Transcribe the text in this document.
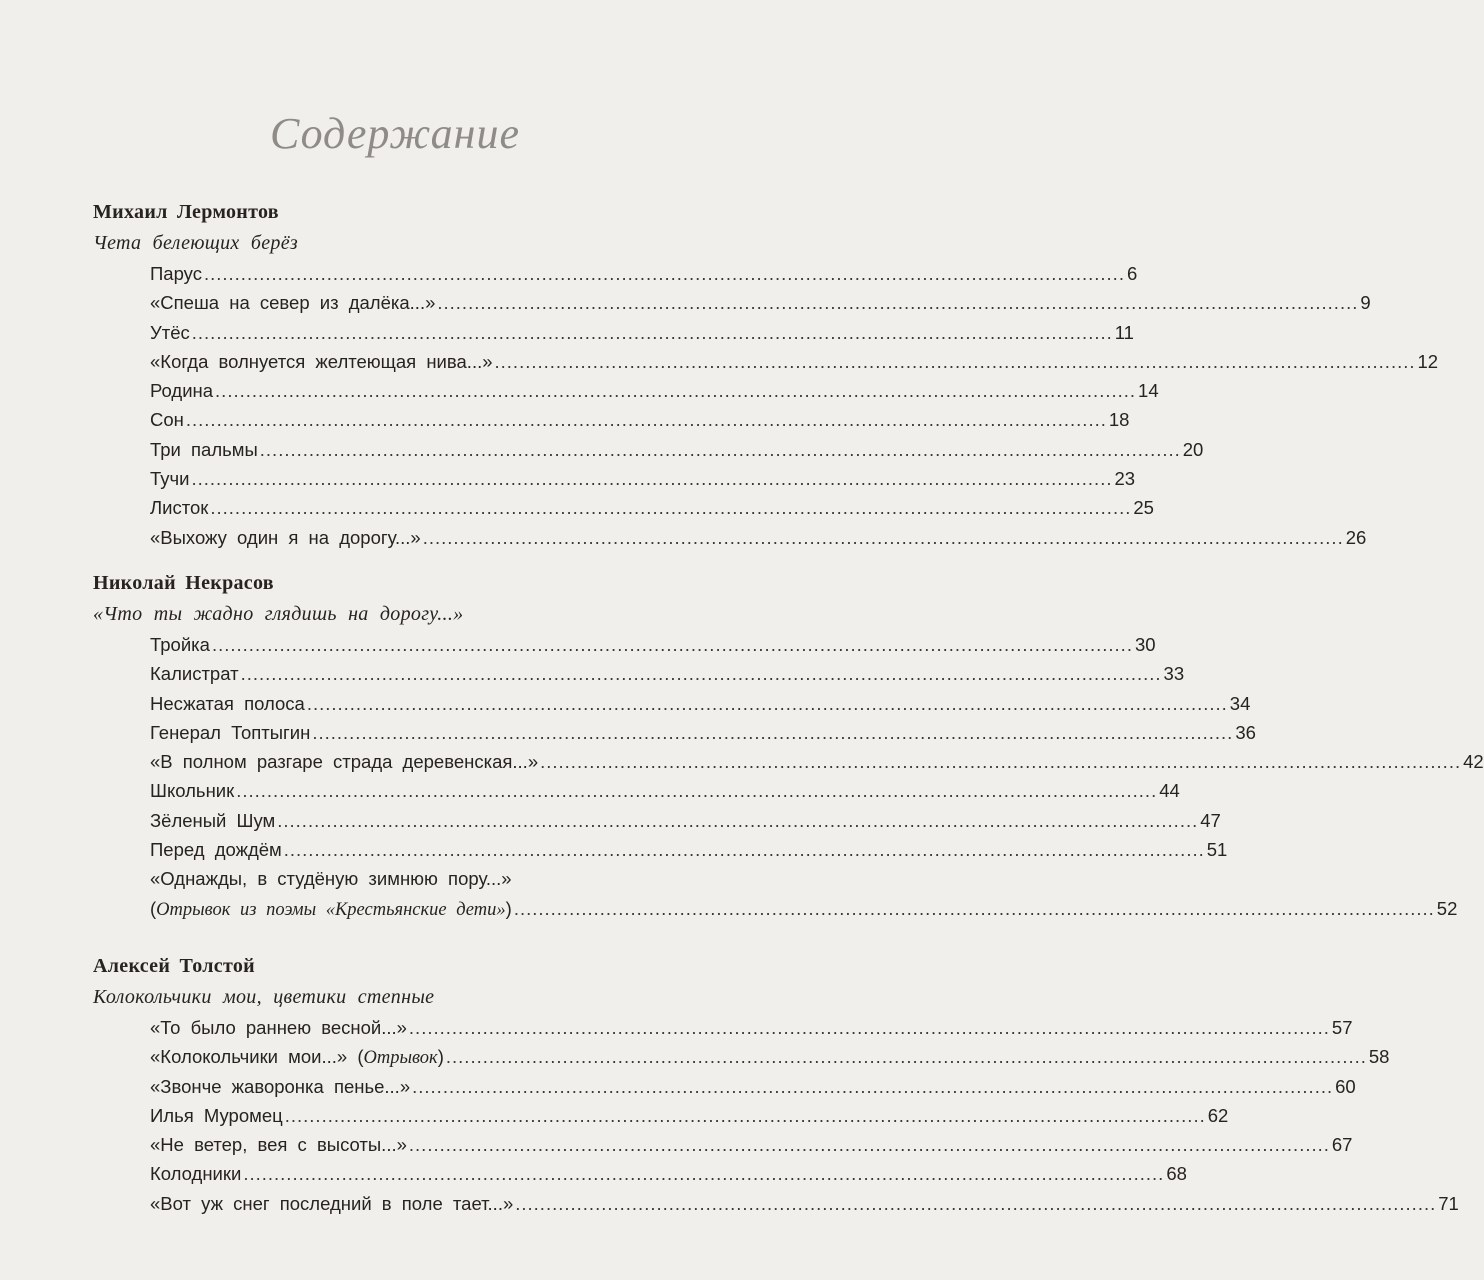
Содержание
Михаил Лермонтов
Чета белеющих берёз
Парус ...................................................................................................................................................... 6
«Спеша на север из далёка...» ...................................................................................................................................................... 9
Утёс ...................................................................................................................................................... 11
«Когда волнуется желтеющая нива...» ...................................................................................................................................................... 12
Родина ...................................................................................................................................................... 14
Сон ...................................................................................................................................................... 18
Три пальмы ...................................................................................................................................................... 20
Тучи ...................................................................................................................................................... 23
Листок ...................................................................................................................................................... 25
«Выхожу один я на дорогу...» ...................................................................................................................................................... 26
Николай Некрасов
«Что ты жадно глядишь на дорогу...»
Тройка ...................................................................................................................................................... 30
Калистрат ...................................................................................................................................................... 33
Несжатая полоса ...................................................................................................................................................... 34
Генерал Топтыгин ...................................................................................................................................................... 36
«В полном разгаре страда деревенская...» ...................................................................................................................................................... 42
Школьник ...................................................................................................................................................... 44
Зёленый Шум ...................................................................................................................................................... 47
Перед дождём ...................................................................................................................................................... 51
«Однажды, в студёную зимнюю пору...»
(Отрывок из поэмы «Крестьянские дети») ...................................................................................................................................................... 52
Алексей Толстой
Колокольчики мои, цветики степные
«То было раннею весной...» ...................................................................................................................................................... 57
«Колокольчики мои...» (Отрывок) ...................................................................................................................................................... 58
«Звонче жаворонка пенье...» ...................................................................................................................................................... 60
Илья Муромец ...................................................................................................................................................... 62
«Не ветер, вея с высоты...» ...................................................................................................................................................... 67
Колодники ...................................................................................................................................................... 68
«Вот уж снег последний в поле тает...» ...................................................................................................................................................... 71
